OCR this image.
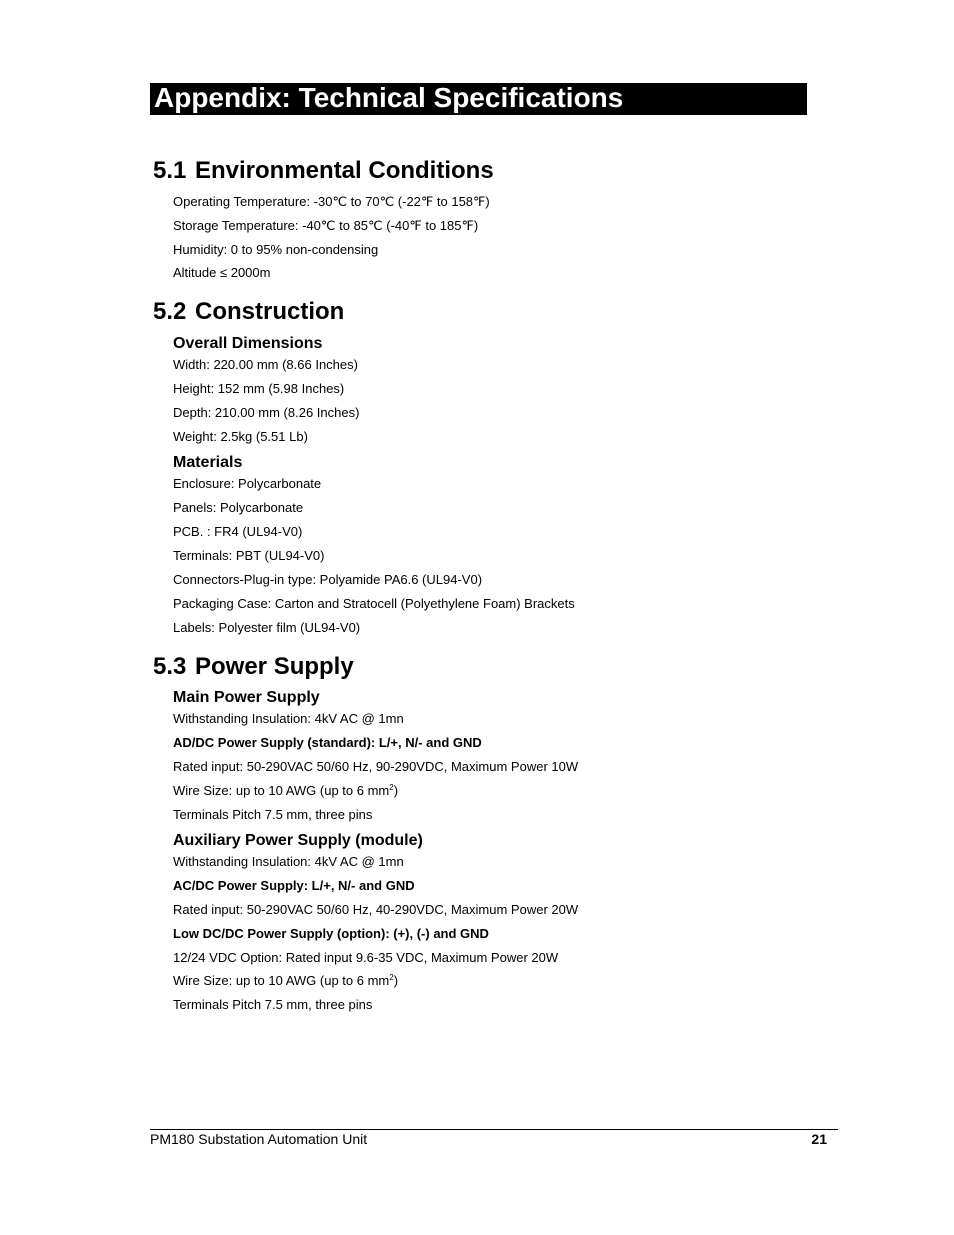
Appendix: Technical Specifications
5.1 Environmental Conditions
Operating Temperature: -30℃ to 70℃ (-22℉ to 158℉)
Storage Temperature: -40℃ to 85℃ (-40℉ to 185℉)
Humidity: 0 to 95% non-condensing
Altitude ≤ 2000m
5.2 Construction
Overall Dimensions
Width: 220.00 mm (8.66 Inches)
Height: 152 mm (5.98 Inches)
Depth: 210.00 mm (8.26 Inches)
Weight: 2.5kg (5.51 Lb)
Materials
Enclosure: Polycarbonate
Panels: Polycarbonate
PCB. : FR4 (UL94-V0)
Terminals: PBT (UL94-V0)
Connectors-Plug-in type: Polyamide PA6.6 (UL94-V0)
Packaging Case: Carton and Stratocell (Polyethylene Foam) Brackets
Labels: Polyester film (UL94-V0)
5.3 Power Supply
Main Power Supply
Withstanding Insulation: 4kV AC @ 1mn
AD/DC Power Supply (standard): L/+, N/- and GND
Rated input: 50-290VAC 50/60 Hz, 90-290VDC, Maximum Power 10W
Wire Size: up to 10 AWG (up to 6 $mm^2$)
Terminals Pitch 7.5 mm, three pins
Auxiliary Power Supply (module)
Withstanding Insulation: 4kV AC @ 1mn
AC/DC Power Supply: L/+, N/- and GND
Rated input: 50-290VAC 50/60 Hz, 40-290VDC, Maximum Power 20W
Low DC/DC Power Supply (option): (+), (-) and GND
12/24 VDC Option: Rated input 9.6-35 VDC, Maximum Power 20W
Wire Size: up to 10 AWG (up to 6 $mm^2$)
Terminals Pitch 7.5 mm, three pins
PM180 Substation Automation Unit	21
